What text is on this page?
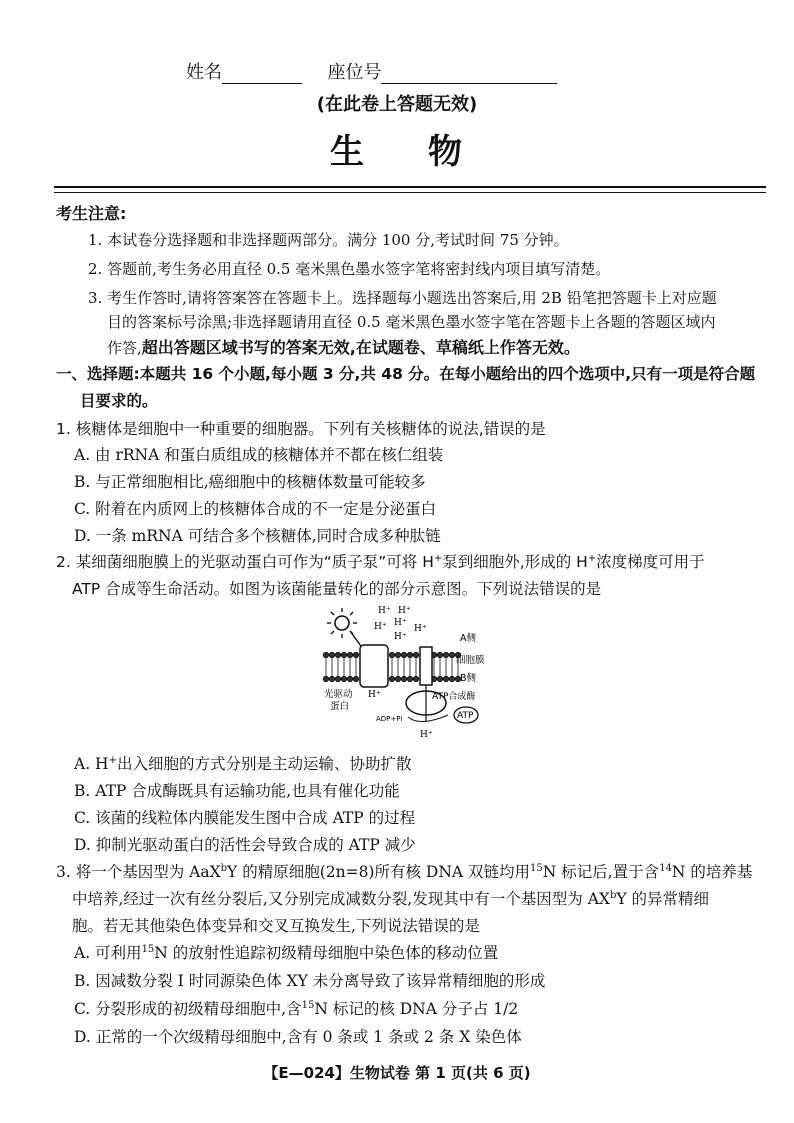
姓名	座位号
(在此卷上答题无效)
生 物
考生注意:
1. 本试卷分选择题和非选择题两部分。满分 100 分,考试时间 75 分钟。
2. 答题前,考生务必用直径 0.5 毫米黑色墨水签字笔将密封线内项目填写清楚。
3. 考生作答时,请将答案答在答题卡上。选择题每小题选出答案后,用 2B 铅笔把答题卡上对应题
目的答案标号涂黑;非选择题请用直径 0.5 毫米黑色墨水签字笔在答题卡上各题的答题区域内
作答,超出答题区域书写的答案无效,在试题卷、草稿纸上作答无效。
一、选择题:本题共 16 个小题,每小题 3 分,共 48 分。在每小题给出的四个选项中,只有一项是符合题
目要求的。
1. 核糖体是细胞中一种重要的细胞器。下列有关核糖体的说法,错误的是
A. 由 rRNA 和蛋白质组成的核糖体并不都在核仁组装
B. 与正常细胞相比,癌细胞中的核糖体数量可能较多
C. 附着在内质网上的核糖体合成的不一定是分泌蛋白
D. 一条 mRNA 可结合多个核糖体,同时合成多种肽链
2. 某细菌细胞膜上的光驱动蛋白可作为“质子泵”可将 H+泵到细胞外,形成的 H+浓度梯度可用于
ATP 合成等生命活动。如图为该菌能量转化的部分示意图。下列说法错误的是
H⁺ H⁺
H⁺ H⁺
H⁺
H⁺
H⁺
H⁺
A侧
细胞膜
B侧
光驱动
蛋白
ATP合成酶
ADP+Pi	ATP
A. H+出入细胞的方式分别是主动运输、协助扩散
B. ATP 合成酶既具有运输功能,也具有催化功能
C. 该菌的线粒体内膜能发生图中合成 ATP 的过程
D. 抑制光驱动蛋白的活性会导致合成的 ATP 减少
3. 将一个基因型为 AaX$^b$Y 的精原细胞(2n=8)所有核 DNA 双链均用$^{15}$N 标记后,置于含$^{14}$N 的培养基
中培养,经过一次有丝分裂后,又分别完成减数分裂,发现其中有一个基因型为 $AX^bY$ 的异常精细
胞。若无其他染色体变异和交叉互换发生,下列说法错误的是
A. 可利用$^{15}$N 的放射性追踪初级精母细胞中染色体的移动位置
B. 因减数分裂 I 时同源染色体 XY 未分离导致了该异常精细胞的形成
C. 分裂形成的初级精母细胞中,含$^{15}$N 标记的核 DNA 分子占 1/2
D. 正常的一个次级精母细胞中,含有 0 条或 1 条或 2 条 X 染色体
【E—024】生物试卷 第 1 页(共 6 页)
